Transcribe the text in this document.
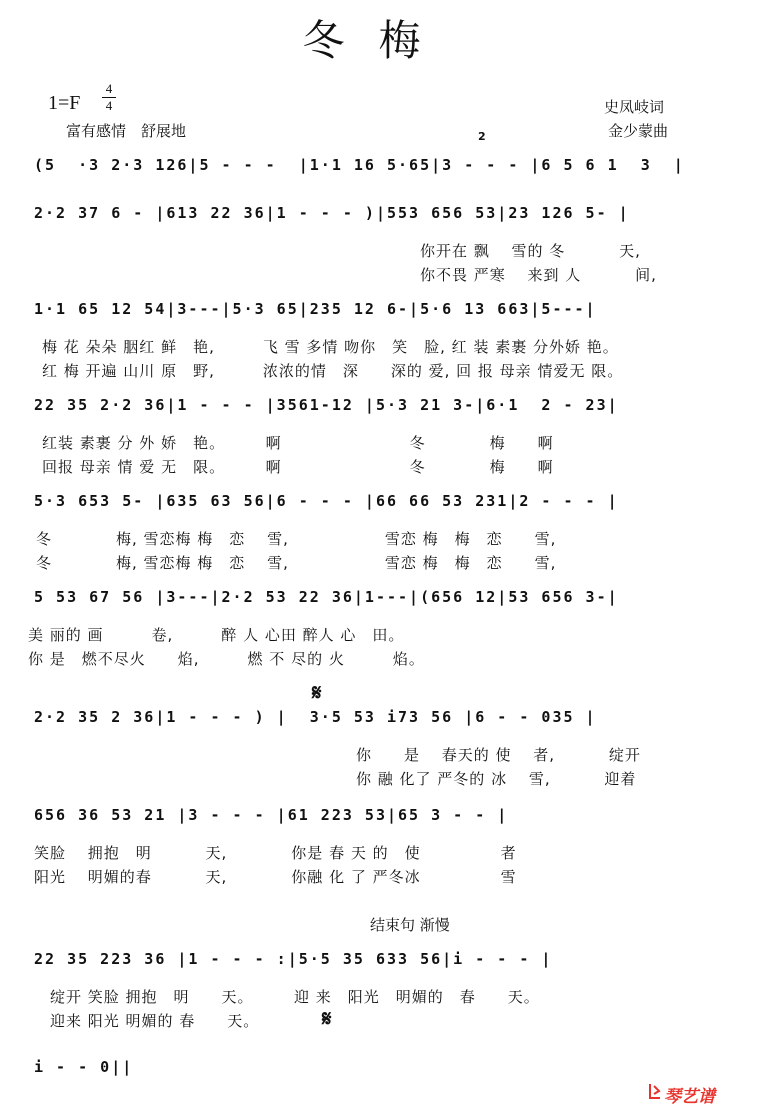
冬梅
1=F
4
4
富有感情　舒展地
史凤岐词
金少蒙曲
2
(5  ·3 2·3 126|5 - - -  |1·1 16 5·65|3 - - - |6 5 6 1  3  |
2·2 37 6 - |613 22 36|1 - - - )|553 656 53|23 126 5- |
你开在 飘　 雪的 冬　　　 天,
你不畏 严寒　 来到 人　　　 间,
1·1 65 12 54|3---|5·3 65|235 12 6-|5·6 13 663|5---|
梅 花 朵朵 胭红 鲜　艳,　　　飞 雪 多情 吻你　笑　脸, 红 装 素裹 分外娇 艳。
红 梅 开遍 山川 原　野,　　　浓浓的情　深　　深的 爱, 回 报 母亲 情爱无 限。
22 35 2·2 36|1 - - - |3561-12 |5·3 21 3-|6·1  2 - 23|
红装 素裹 分 外 娇　艳。　　　啊　　　　　　　　冬　　　　梅　　啊
回报 母亲 情 爱 无　限。　　　啊　　　　　　　　冬　　　　梅　　啊
5·3 653 5- |635 63 56|6 - - - |66 66 53 231|2 - - - |
冬　　　　梅, 雪恋梅 梅　恋　 雪,　　　　　　雪恋 梅　梅　恋　　雪,
冬　　　　梅, 雪恋梅 梅　恋　 雪,　　　　　　雪恋 梅　梅　恋　　雪,
5 53 67 56 |3---|2·2 53 22 36|1---|(656 12|53 656 3-|
美 丽的 画　　　卷,　　　醉 人 心田 醉人 心　田。
你 是　燃不尽火　　焰,　　　燃 不 尽的 火　　　焰。
𝄋
2·2 35 2 36|1 - - - ) |  3·5 53 i73 56 |6 - - 035 |
你　　是　 春天的 使　 者,　　　 绽开
你 融 化了 严冬的 冰　 雪,　　　 迎着
656 36 53 21 |3 - - - |61 223 53|65 3 - - |
笑脸　 拥抱　明　　　 天,　　　　你是 春 天 的　使　　　　　者
阳光　 明媚的春　　　 天,　　　　你融 化 了 严冬冰　　　　　雪
结束句 渐慢
22 35 223 36 |1 - - - :|5·5 35 633 56|i - - - |
绽开 笑脸 拥抱　明　　天。　　　迎 来　阳光　明媚的　春　　天。
迎来 阳光 明媚的 春　　天。	𝄋
i - - 0||
琴艺谱
